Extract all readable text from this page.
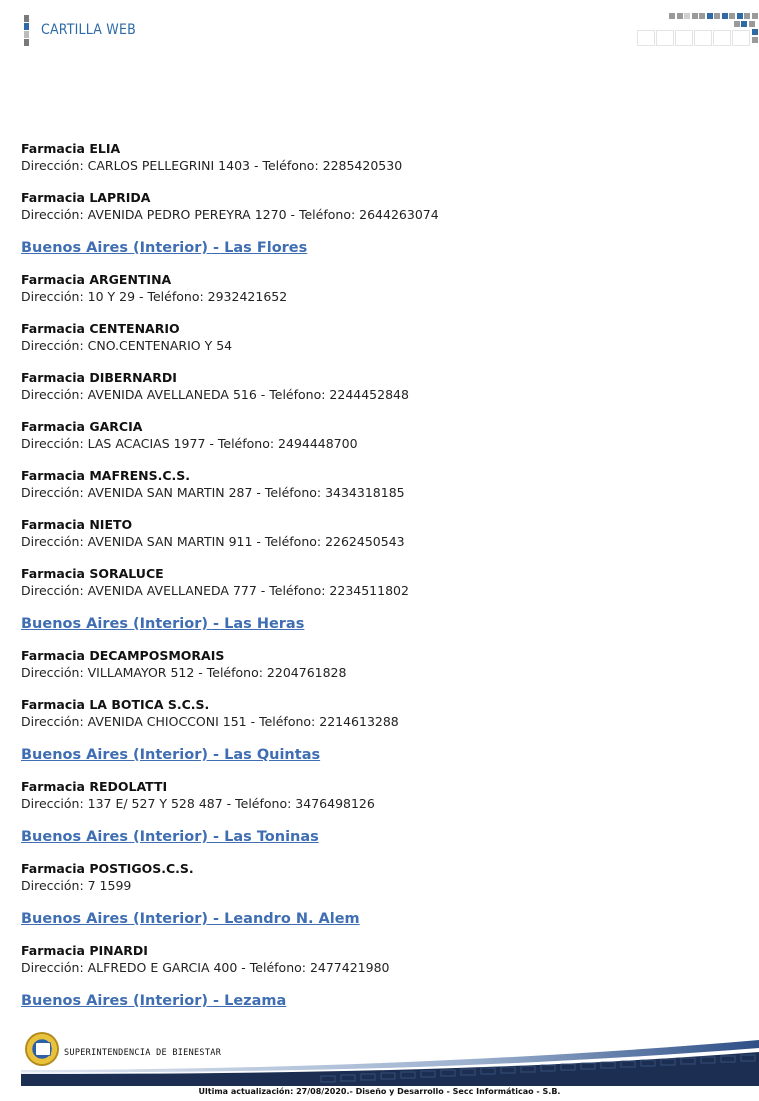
CARTILLA WEB
Farmacia ELIA
Dirección: CARLOS PELLEGRINI 1403 - Teléfono: 2285420530
Farmacia LAPRIDA
Dirección: AVENIDA PEDRO PEREYRA 1270 - Teléfono: 2644263074
Buenos Aires (Interior) - Las Flores
Farmacia ARGENTINA
Dirección: 10 Y 29 - Teléfono: 2932421652
Farmacia CENTENARIO
Dirección: CNO.CENTENARIO Y 54
Farmacia DIBERNARDI
Dirección: AVENIDA AVELLANEDA 516 - Teléfono: 2244452848
Farmacia GARCIA
Dirección: LAS ACACIAS 1977 - Teléfono: 2494448700
Farmacia MAFRENS.C.S.
Dirección: AVENIDA SAN MARTIN 287 - Teléfono: 3434318185
Farmacia NIETO
Dirección: AVENIDA SAN MARTIN 911 - Teléfono: 2262450543
Farmacia SORALUCE
Dirección: AVENIDA AVELLANEDA 777 - Teléfono: 2234511802
Buenos Aires (Interior) - Las Heras
Farmacia DECAMPOSMORAIS
Dirección: VILLAMAYOR 512 - Teléfono: 2204761828
Farmacia LA BOTICA S.C.S.
Dirección: AVENIDA CHIOCCONI 151 - Teléfono: 2214613288
Buenos Aires (Interior) - Las Quintas
Farmacia REDOLATTI
Dirección: 137 E/ 527 Y 528 487 - Teléfono: 3476498126
Buenos Aires (Interior) - Las Toninas
Farmacia POSTIGOS.C.S.
Dirección: 7 1599
Buenos Aires (Interior) - Leandro N. Alem
Farmacia PINARDI
Dirección: ALFREDO E GARCIA 400 - Teléfono: 2477421980
Buenos Aires (Interior) - Lezama
SUPERINTENDENCIA DE BIENESTAR
Ultima actualización: 27/08/2020.- Diseño y Desarrollo - Secc Informáticao - S.B.
